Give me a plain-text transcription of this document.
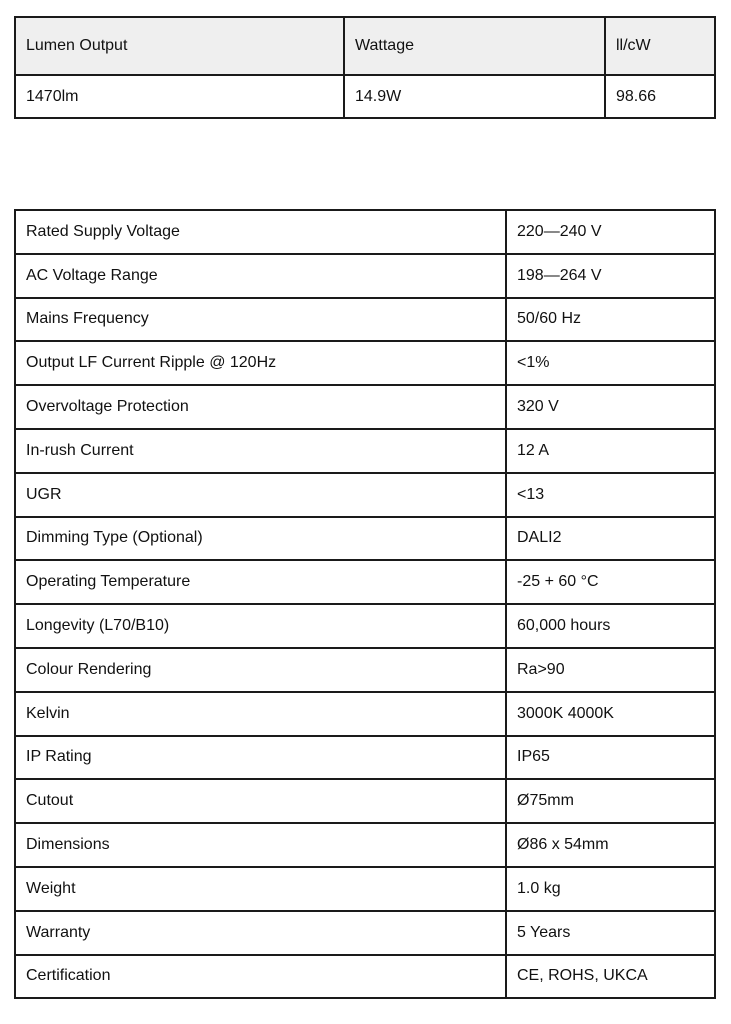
Lumen Output	Wattage	ll/cW
1470lm	14.9W	98.66
Rated Supply Voltage	220—240 V
AC Voltage Range	198—264 V
Mains Frequency	50/60 Hz
Output LF Current Ripple @ 120Hz	<1%
Overvoltage Protection	320 V
In-rush Current	12 A
UGR	<13
Dimming Type (Optional)	DALI2
Operating Temperature	-25 + 60 °C
Longevity (L70/B10)	60,000 hours
Colour Rendering	Ra>90
Kelvin	3000K 4000K
IP Rating	IP65
Cutout	Ø75mm
Dimensions	Ø86 x 54mm
Weight	1.0 kg
Warranty	5 Years
Certification	CE, ROHS, UKCA
